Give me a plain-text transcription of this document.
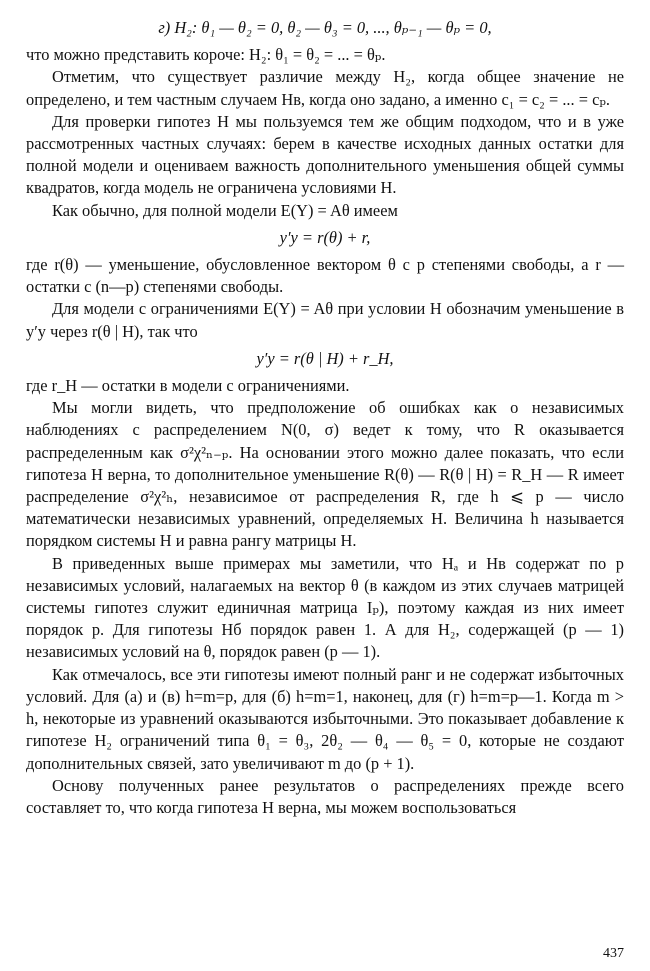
г) H₂: θ₁ — θ₂ = 0, θ₂ — θ₃ = 0, ..., θₚ₋₁ — θₚ = 0,

что можно представить короче: H₂: θ₁ = θ₂ = ... = θₚ.

Отметим, что существует различие между H₂, когда общее значение не определено, и тем частным случаем Hв, когда оно задано, а именно c₁ = c₂ = ... = cₚ.

Для проверки гипотез H мы пользуемся тем же общим подходом, что и в уже рассмотренных частных случаях: берем в качестве исходных данных остатки для полной модели и оцениваем важность дополнительного уменьшения общей суммы квадратов, когда модель не ограничена условиями H.

Как обычно, для полной модели E(Y) = Aθ имеем

y′y = r(θ) + r,

где r(θ) — уменьшение, обусловленное вектором θ с p степенями свободы, а r — остатки с (n—p) степенями свободы.

Для модели с ограничениями E(Y) = Aθ при условии H обозначим уменьшение в y′y через r(θ | H), так что

y′y = r(θ | H) + r_H,

где r_H — остатки в модели с ограничениями.

Мы могли видеть, что предположение об ошибках как о независимых наблюдениях с распределением N(0, σ) ведет к тому, что R оказывается распределенным как σ²χ²ₙ₋ₚ. На основании этого можно далее показать, что если гипотеза H верна, то дополнительное уменьшение R(θ) — R(θ | H) = R_H — R имеет распределение σ²χ²ₕ, независимое от распределения R, где h ⩽ p — число математически независимых уравнений, определяемых H. Величина h называется порядком системы H и равна рангу матрицы H.

В приведенных выше примерах мы заметили, что Hₐ и Hв содержат по p независимых условий, налагаемых на вектор θ (в каждом из этих случаев матрицей системы гипотез служит единичная матрица Iₚ), поэтому каждая из них имеет порядок p. Для гипотезы Hб порядок равен 1. А для H₂, содержащей (p — 1) независимых условий на θ, порядок равен (p — 1).

Как отмечалось, все эти гипотезы имеют полный ранг и не содержат избыточных условий. Для (а) и (в) h=m=p, для (б) h=m=1, наконец, для (г) h=m=p—1. Когда m > h, некоторые из уравнений оказываются избыточными. Это показывает добавление к гипотезе H₂ ограничений типа θ₁ = θ₃, 2θ₂ — θ₄ — θ₅ = 0, которые не создают дополнительных связей, зато увеличивают m до (p + 1).

Основу полученных ранее результатов о распределениях прежде всего составляет то, что когда гипотеза H верна, мы можем воспользоваться

437
